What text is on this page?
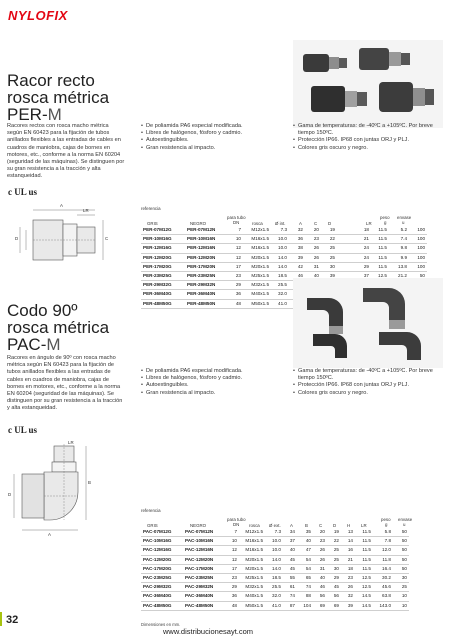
NYLOFIX
Racor recto
rosca métrica
PER-M
Racores rectos con rosca macho métrica según EN 60423 para la fijación de tubos anillados flexibles a las entradas de cables en cuadros de maniobra, cajas de bornes en motores, etc., conforme a la norma EN 60204 (seguridad de las máquinas). Se distinguen por su gran resistencia a la tracción y alta estanqueidad.
• De poliamida PA6 especial modificada.
• Libres de halógenos, fósforo y cadmio.
• Autoextinguibles.
• Gran resistencia al impacto.
• Gama de temperaturas: de -40ºC a +105ºC. Por breve tiempo 150ºC.
• Protección IP66. IP68 con juntas ORJ y PLJ.
• Colores gris oscuro y negro.
c UL us
A
LR
C
D
referencia
GRIS	NEGRO
para tubo
DN	rosca	Ø int.	A	C D	LR
peso
g
envase
u
PER-07M12G	PER-07M12N	7	M12x1.5	7.3	32	20	19	18	11.5	5.2	100
PER-10M16G	PER-10M16N	10	M16x1.5	10.0	36	23	22	21	11.5	7.4	100
PER-12M16G	PER-12M16N	12	M16x1.5	10.0	38	26	25	24	11.5	9.8	100
PER-12M20G	PER-12M20N	12	M20x1.5	14.0	39	26	25	24	11.5	9.9	100
PER-17M20G	PER-17M20N	17	M20x1.5	14.0	42	31	30	29	11.5	13.8	100
PER-23M25G	PER-23M25N	23	M25x1.5	18.5	46	40	39	37	12.5	21.2	50
PER-29M32G	PER-29M32N	29	M32x1.5	25.5							
PER-36M40G	PER-36M40N	36	M40x1.5	32.0							
PER-48M50G	PER-48M50N	48	M50x1.5	41.0							
Codo 90º
rosca métrica
PAC-M
Racores en ángulo de 90º con rosca macho métrica según EN 60423 para la fijación de tubos anillados flexibles a las entradas de cables en cuadros de maniobra, cajas de bornes en motores, etc., conforme a la norma EN 60204 (seguridad de las máquinas). Se distinguen por su gran resistencia a la tracción y alta estanqueidad.
• De poliamida PA6 especial modificada.
• Libres de halógenos, fósforo y cadmio.
• Autoextinguibles.
• Gran resistencia al impacto.
• Gama de temperaturas: de -40ºC a +105ºC. Por breve tiempo 150ºC.
• Protección IP66. IP68 con juntas ORJ y PLJ.
• Colores gris oscuro y negro.
c UL us
LR
B
D
A
referencia
GRIS	NEGRO
para tubo
DN rosca Ø ext. A	B	C D H LR
peso
g
envase
u
PAC-07M12G	PAC-07M12N	7	M12x1.5	7.3	34	35	20	19	13	11.5	5.8	50
PAC-10M16G	PAC-10M16N	10	M16x1.5	10.0	37	40	23	22	14	11.5	7.8	50
PAC-12M16G	PAC-12M16N	12	M16x1.5	10.0	40	47	26	25	16	11.5	12.0	50
PAC-12M20G	PAC-12M20N	12	M20x1.5	14.0	45	54	26	25	21	11.5	11.8	50
PAC-17M20G	PAC-17M20N	17	M20x1.5	14.0	45	54	31	30	18	11.5	16.4	50
PAC-23M25G	PAC-23M25N	23	M25x1.5	18.5	55	65	40	29	23	12.5	30.2	30
PAC-29M32G	PAC-29M32N	29	M32x1.5	25.5	61	74	46	45	26	12.5	45.6	25
PAC-36M40G	PAC-36M40N	36	M40x1.5	32.0	74	88	56	56	32	14.5	63.8	10
PAC-48M50G	PAC-48M50N	48	M50x1.5	41.0	87	104	69	69	39	14.5	143.0	10
32	Dimensiones en mm.
www.distribucionesayt.com
